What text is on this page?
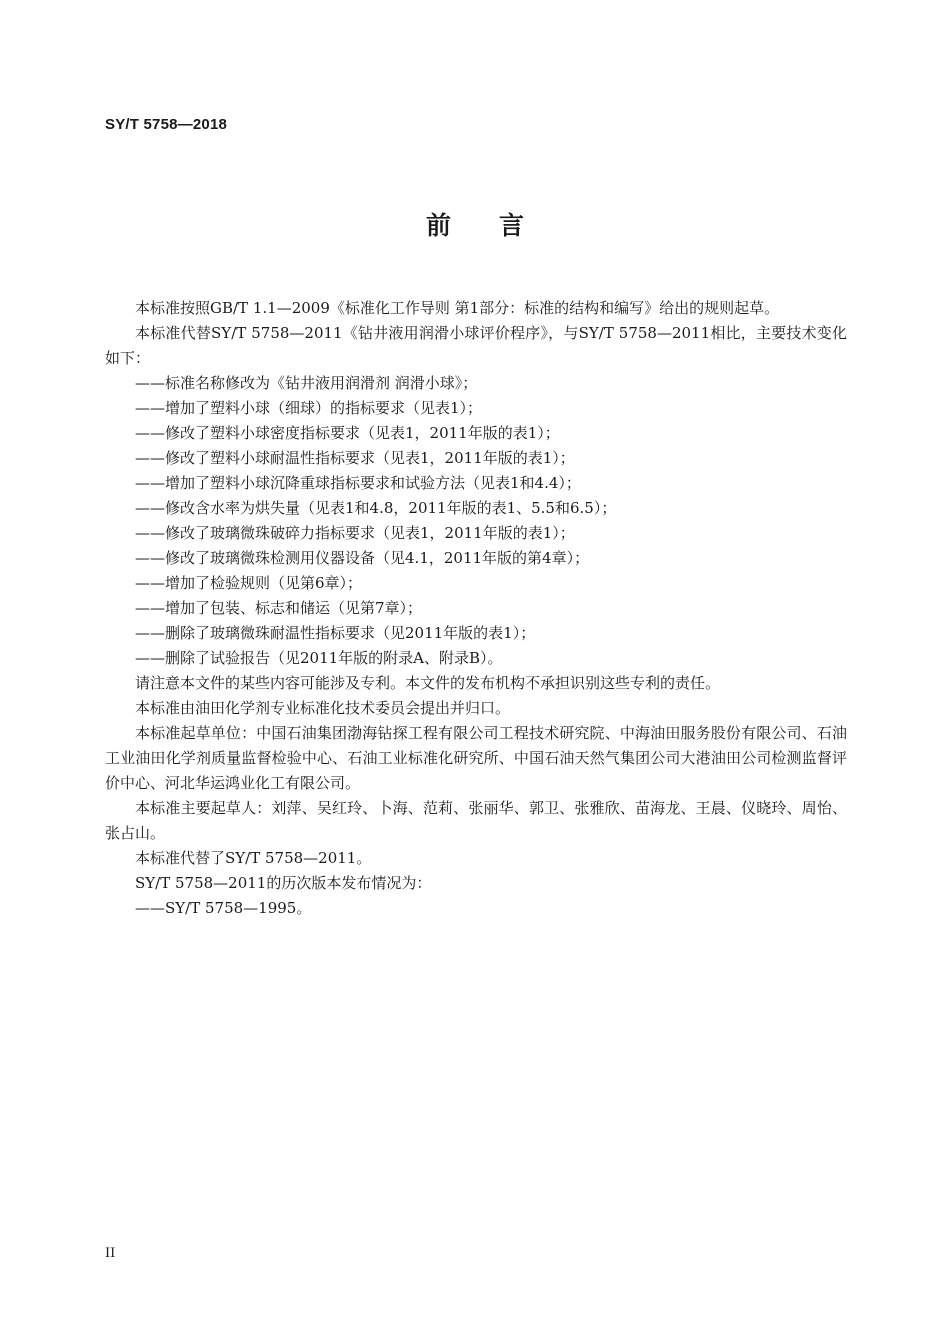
SY/T 5758—2018
前言

本标准按照GB/T 1.1—2009《标准化工作导则 第1部分：标准的结构和编写》给出的规则起草。

本标准代替SY/T 5758—2011《钻井液用润滑小球评价程序》，与SY/T 5758—2011相比，主要技术变化如下：

——标准名称修改为《钻井液用润滑剂 润滑小球》；

——增加了塑料小球（细球）的指标要求（见表1）；

——修改了塑料小球密度指标要求（见表1，2011年版的表1）；

——修改了塑料小球耐温性指标要求（见表1，2011年版的表1）；

——增加了塑料小球沉降重球指标要求和试验方法（见表1和4.4）；

——修改含水率为烘失量（见表1和4.8，2011年版的表1、5.5和6.5）；

——修改了玻璃微珠破碎力指标要求（见表1，2011年版的表1）；

——修改了玻璃微珠检测用仪器设备（见4.1，2011年版的第4章）；

——增加了检验规则（见第6章）；

——增加了包装、标志和储运（见第7章）；

——删除了玻璃微珠耐温性指标要求（见2011年版的表1）；

——删除了试验报告（见2011年版的附录A、附录B）。

请注意本文件的某些内容可能涉及专利。本文件的发布机构不承担识别这些专利的责任。

本标准由油田化学剂专业标准化技术委员会提出并归口。

本标准起草单位：中国石油集团渤海钻探工程有限公司工程技术研究院、中海油田服务股份有限公司、石油工业油田化学剂质量监督检验中心、石油工业标准化研究所、中国石油天然气集团公司大港油田公司检测监督评价中心、河北华运鸿业化工有限公司。

本标准主要起草人：刘萍、吴红玲、卜海、范莉、张丽华、郭卫、张雅欣、苗海龙、王晨、仪晓玲、周怡、张占山。

本标准代替了SY/T 5758—2011。

SY/T 5758—2011的历次版本发布情况为：

——SY/T 5758—1995。

II
